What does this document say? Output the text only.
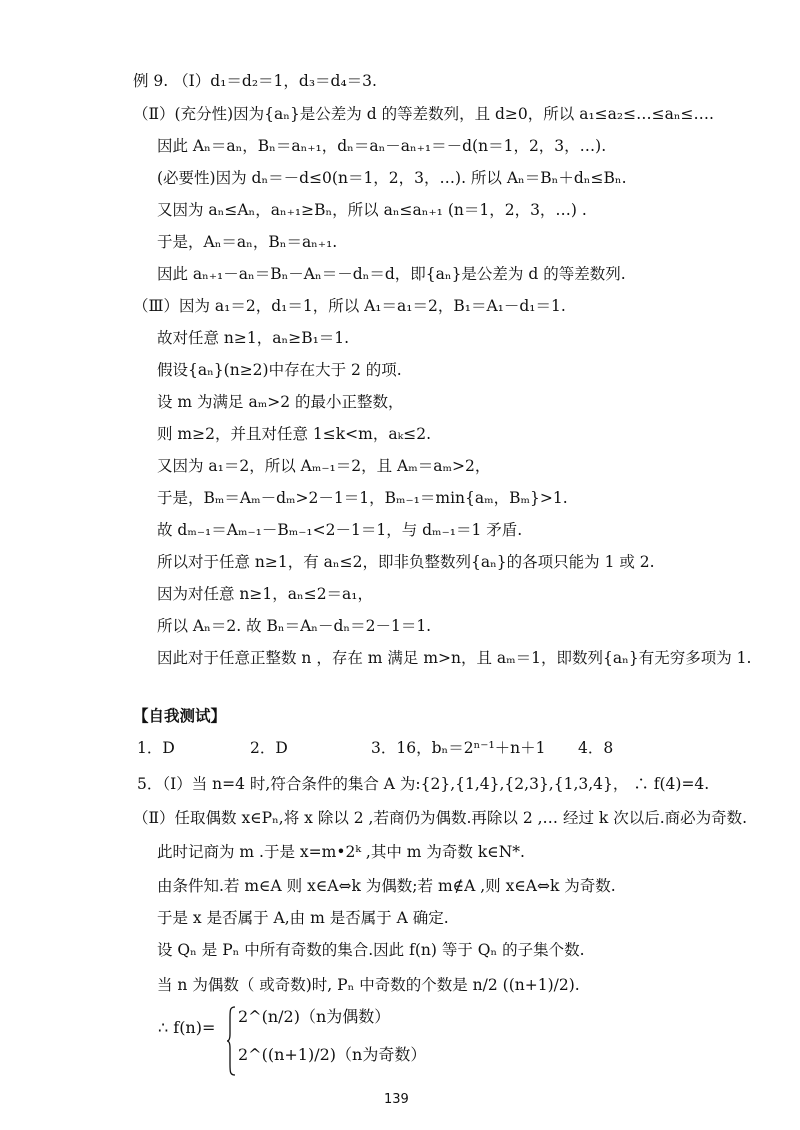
例 9. （Ⅰ）d₁＝d₂＝1，d₃＝d₄＝3.
（Ⅱ）(充分性)因为{aₙ}是公差为 d 的等差数列，且 d≥0，所以 a₁≤a₂≤…≤aₙ≤….
因此 Aₙ＝aₙ，Bₙ＝aₙ₊₁，dₙ＝aₙ－aₙ₊₁＝－d(n＝1，2，3，…).
(必要性)因为 dₙ＝－d≤0(n＝1，2，3，…). 所以 Aₙ＝Bₙ＋dₙ≤Bₙ.
又因为 aₙ≤Aₙ，aₙ₊₁≥Bₙ，所以 aₙ≤aₙ₊₁ (n＝1，2，3，…) .
于是，Aₙ＝aₙ，Bₙ＝aₙ₊₁.
因此 aₙ₊₁－aₙ＝Bₙ－Aₙ＝－dₙ＝d，即{aₙ}是公差为 d 的等差数列.
（Ⅲ）因为 a₁＝2，d₁＝1，所以 A₁＝a₁＝2，B₁＝A₁－d₁＝1.
故对任意 n≥1，aₙ≥B₁＝1.
假设{aₙ}(n≥2)中存在大于 2 的项.
设 m 为满足 aₘ>2 的最小正整数，
则 m≥2，并且对任意 1≤k<m，aₖ≤2.
又因为 a₁＝2，所以 Aₘ₋₁＝2，且 Aₘ＝aₘ>2，
于是，Bₘ＝Aₘ－dₘ>2－1＝1，Bₘ₋₁＝min{aₘ，Bₘ}>1.
故 dₘ₋₁＝Aₘ₋₁－Bₘ₋₁<2－1＝1，与 dₘ₋₁＝1 矛盾.
所以对于任意 n≥1，有 aₙ≤2，即非负整数列{aₙ}的各项只能为 1 或 2.
因为对任意 n≥1，aₙ≤2＝a₁，
所以 Aₙ＝2. 故 Bₙ＝Aₙ－dₙ＝2－1＝1.
因此对于任意正整数 n ，存在 m 满足 m>n，且 aₘ＝1，即数列{aₙ}有无穷多项为 1.
【自我测试】
1．D	2．D	3．16，bₙ＝2ⁿ⁻¹＋n＋1 4．8
5．（Ⅰ）当 n=4 时,符合条件的集合 A 为:{2},{1,4},{2,3},{1,3,4}， ∴ f(4)=4.
（Ⅱ）任取偶数 x∈Pₙ,将 x 除以 2 ,若商仍为偶数.再除以 2 ,… 经过 k 次以后.商必为奇数.
此时记商为 m .于是 x=m•2ᵏ ,其中 m 为奇数 k∈N*.
由条件知.若 m∈A 则 x∈A⇔k 为偶数;若 m∉A ,则 x∈A⇔k 为奇数.
于是 x 是否属于 A,由 m 是否属于 A 确定.
设 Qₙ 是 Pₙ 中所有奇数的集合.因此 f(n) 等于 Qₙ 的子集个数.
当 n 为偶数（ 或奇数)时, Pₙ 中奇数的个数是 n/2 ((n+1)/2).
∴ f(n)=
2^(n/2)（n为偶数）
2^((n+1)/2)（n为奇数）
139
